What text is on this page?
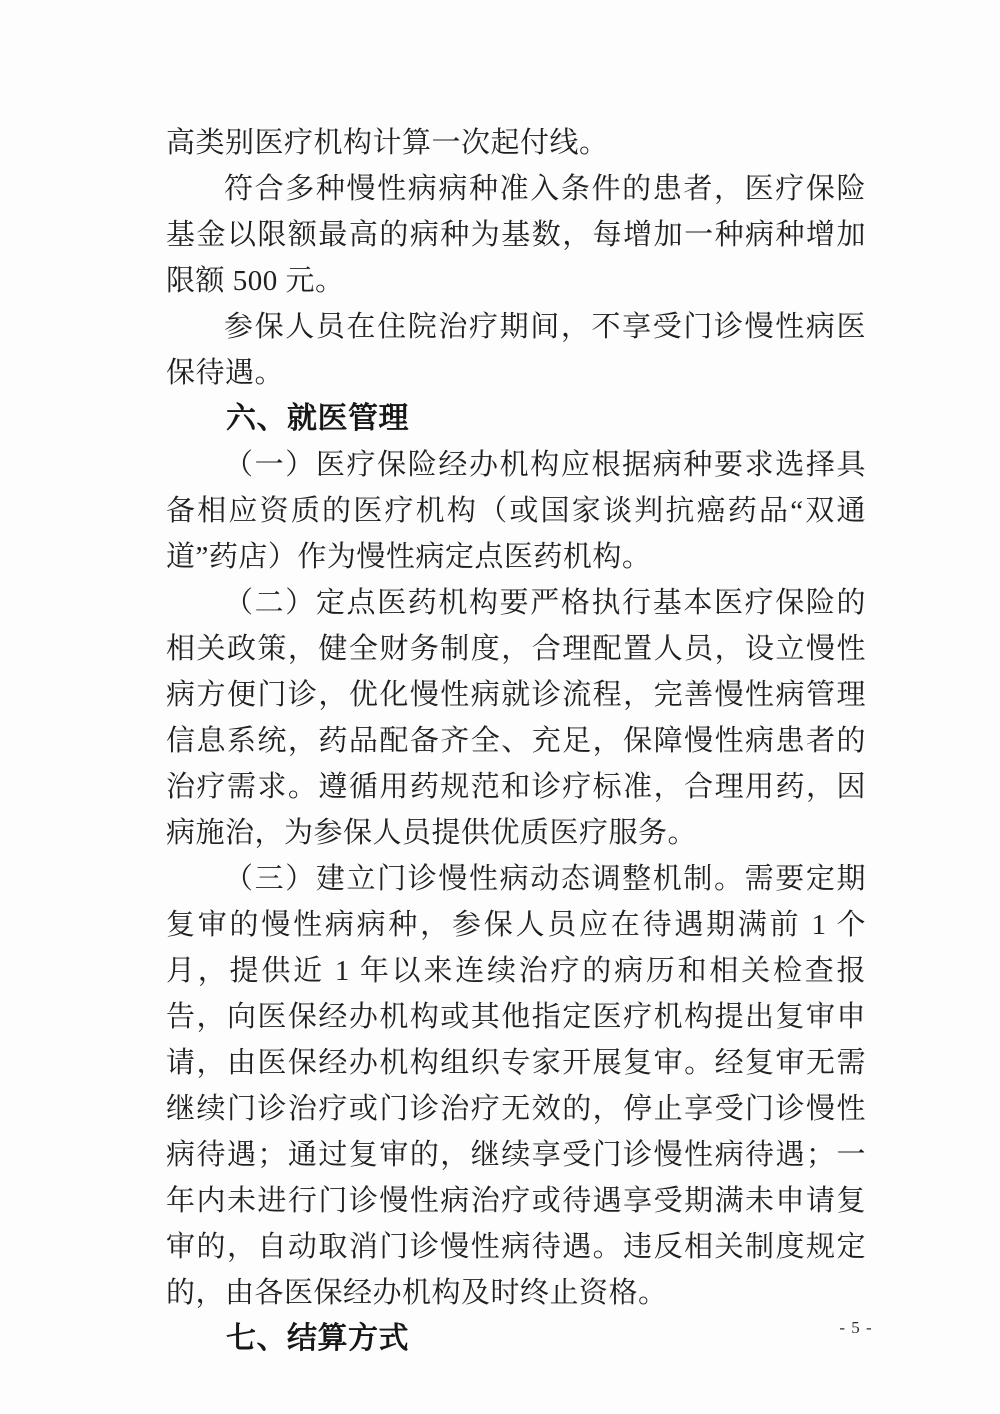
高类别医疗机构计算一次起付线。

符合多种慢性病病种准入条件的患者，医疗保险基金以限额最高的病种为基数，每增加一种病种增加限额 500 元。

参保人员在住院治疗期间，不享受门诊慢性病医保待遇。

六、就医管理

（一）医疗保险经办机构应根据病种要求选择具备相应资质的医疗机构（或国家谈判抗癌药品“双通道”药店）作为慢性病定点医药机构。

（二）定点医药机构要严格执行基本医疗保险的相关政策，健全财务制度，合理配置人员，设立慢性病方便门诊，优化慢性病就诊流程，完善慢性病管理信息系统，药品配备齐全、充足，保障慢性病患者的治疗需求。遵循用药规范和诊疗标准，合理用药，因病施治，为参保人员提供优质医疗服务。

（三）建立门诊慢性病动态调整机制。需要定期复审的慢性病病种，参保人员应在待遇期满前 1 个月，提供近 1 年以来连续治疗的病历和相关检查报告，向医保经办机构或其他指定医疗机构提出复审申请，由医保经办机构组织专家开展复审。经复审无需继续门诊治疗或门诊治疗无效的，停止享受门诊慢性病待遇；通过复审的，继续享受门诊慢性病待遇；一年内未进行门诊慢性病治疗或待遇享受期满未申请复审的，自动取消门诊慢性病待遇。违反相关制度规定的，由各医保经办机构及时终止资格。

七、结算方式	- 5 -
